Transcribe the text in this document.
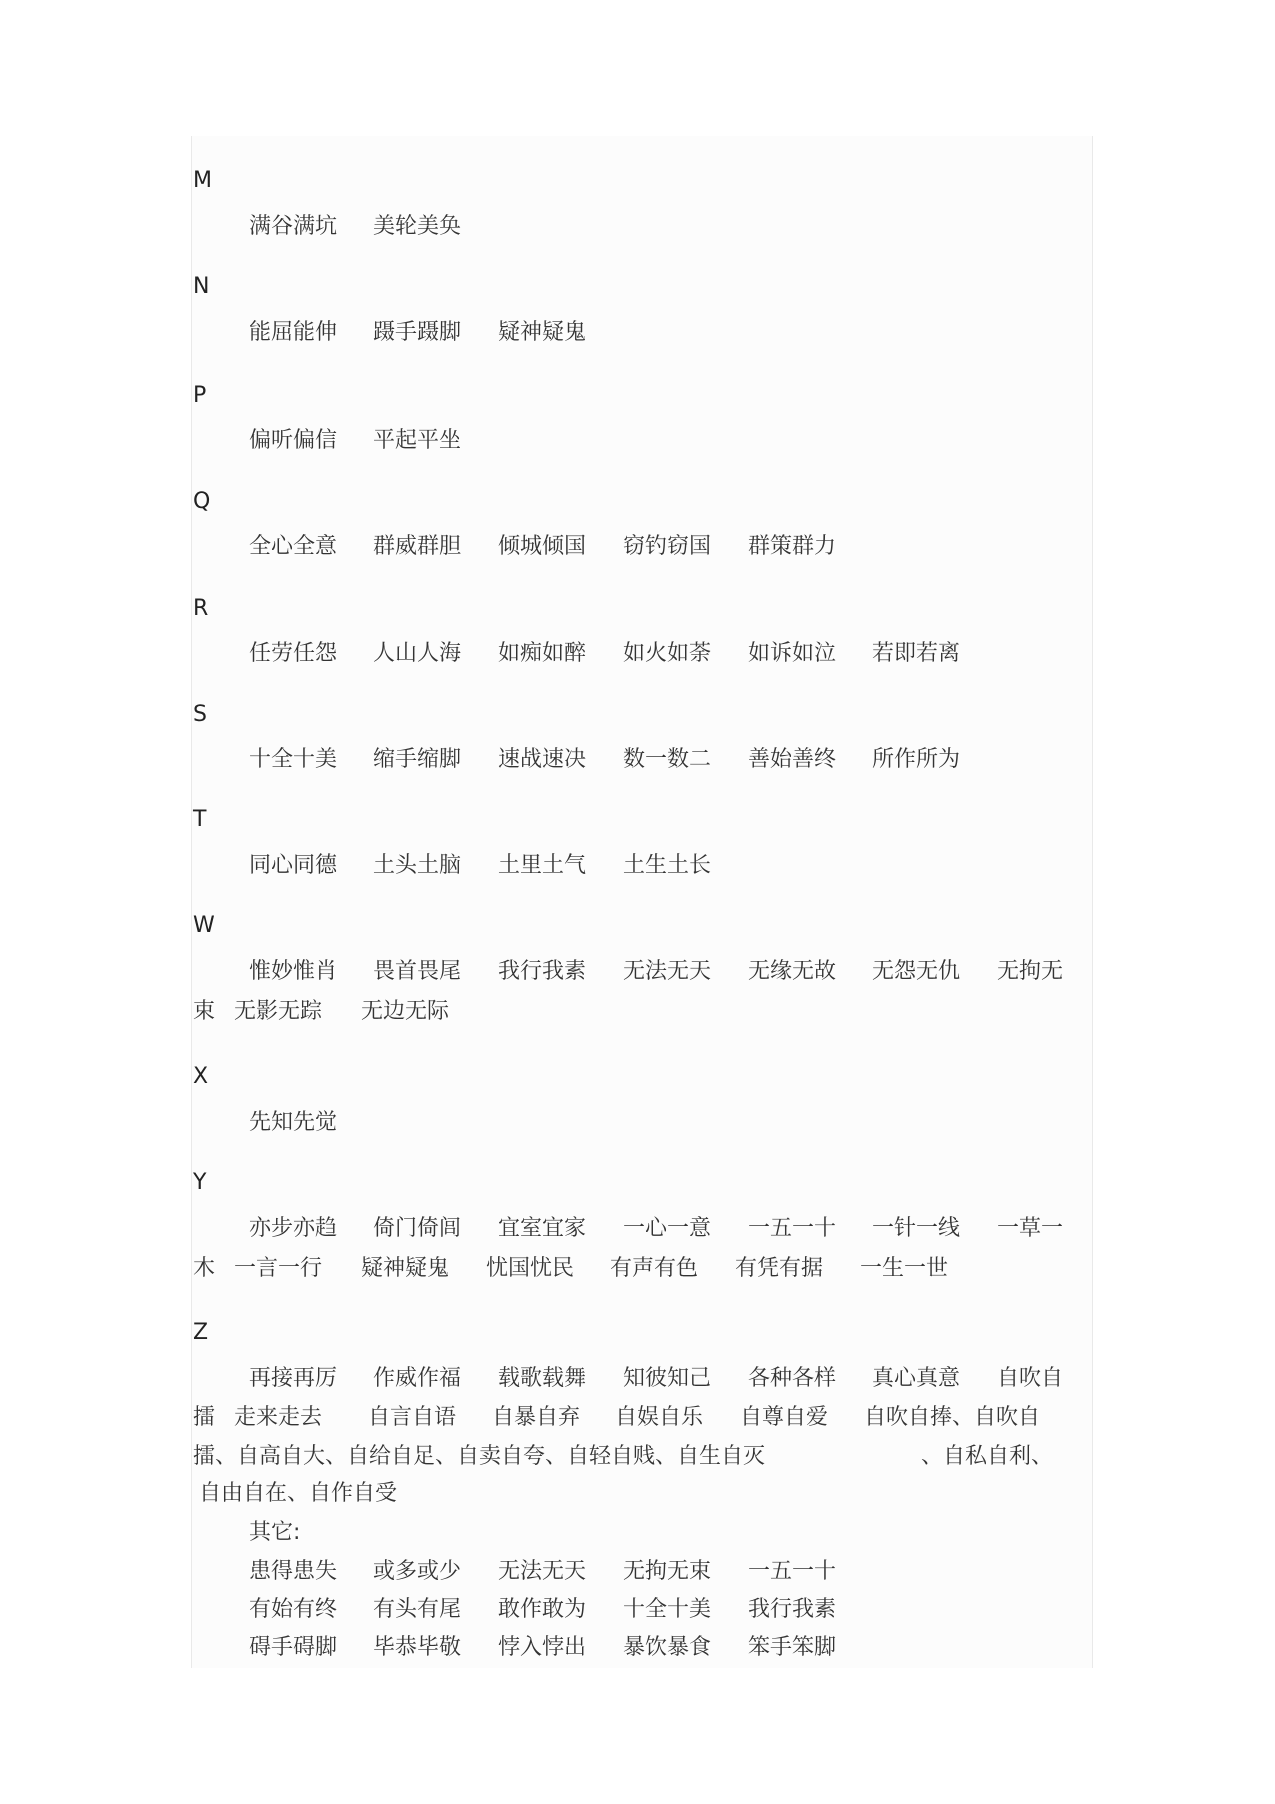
M
满谷满坑 美轮美奂
N
能屈能伸 蹑手蹑脚 疑神疑鬼
P
偏听偏信 平起平坐
Q
全心全意 群威群胆 倾城倾国 窃钓窃国 群策群力
R
任劳任怨 人山人海 如痴如醉 如火如荼 如诉如泣 若即若离
S
十全十美 缩手缩脚 速战速决 数一数二 善始善终 所作所为
T
同心同德 土头土脑 土里土气 土生土长
W
惟妙惟肖 畏首畏尾 我行我素 无法无天 无缘无故 无怨无仇 无拘无
束 无影无踪 无边无际
X
先知先觉
Y
亦步亦趋 倚门倚闾 宜室宜家 一心一意 一五一十 一针一线 一草一
木 一言一行 疑神疑鬼 忧国忧民 有声有色 有凭有据 一生一世
Z
再接再厉 作威作福 载歌载舞 知彼知己 各种各样 真心真意 自吹自
擂 走来走去 自言自语 自暴自弃 自娱自乐 自尊自爱 自吹自捧、自吹自
擂、自高自大、自给自足、自卖自夸、自轻自贱、自生自灭	、自私自利、
自由自在、自作自受
其它:
患得患失 或多或少 无法无天 无拘无束 一五一十
有始有终 有头有尾 敢作敢为 十全十美 我行我素
碍手碍脚 毕恭毕敬 悖入悖出 暴饮暴食 笨手笨脚
